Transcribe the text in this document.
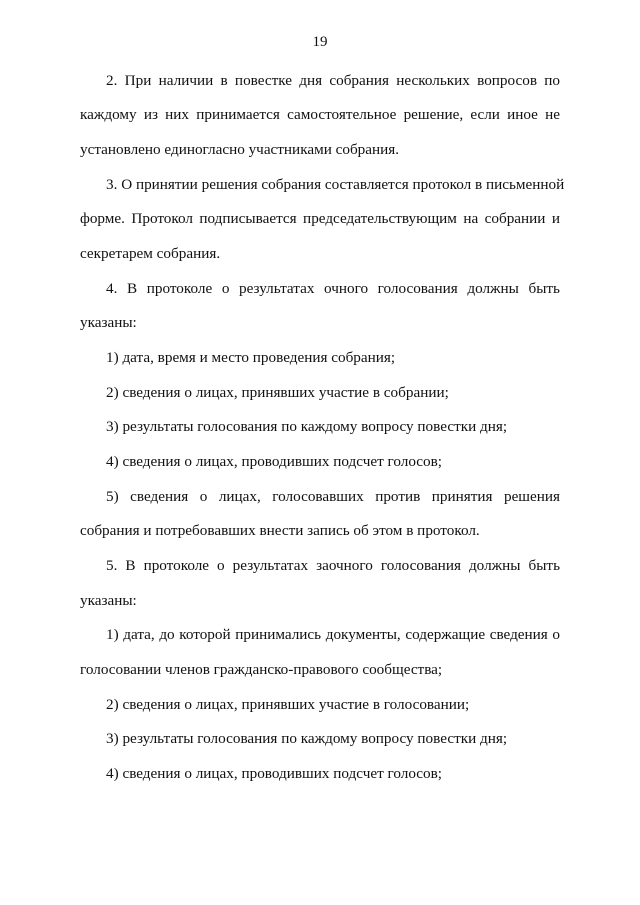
19
2. При наличии в повестке дня собрания нескольких вопросов по
каждому из них принимается самостоятельное решение, если иное не
установлено единогласно участниками собрания.
3. О принятии решения собрания составляется протокол в письменной
форме. Протокол подписывается председательствующим на собрании и
секретарем собрания.
4. В протоколе о результатах очного голосования должны быть
указаны:
1) дата, время и место проведения собрания;
2) сведения о лицах, принявших участие в собрании;
3) результаты голосования по каждому вопросу повестки дня;
4) сведения о лицах, проводивших подсчет голосов;
5) сведения о лицах, голосовавших против принятия решения
собрания и потребовавших внести запись об этом в протокол.
5. В протоколе о результатах заочного голосования должны быть
указаны:
1) дата, до которой принимались документы, содержащие сведения о
голосовании членов гражданско-правового сообщества;
2) сведения о лицах, принявших участие в голосовании;
3) результаты голосования по каждому вопросу повестки дня;
4) сведения о лицах, проводивших подсчет голосов;
